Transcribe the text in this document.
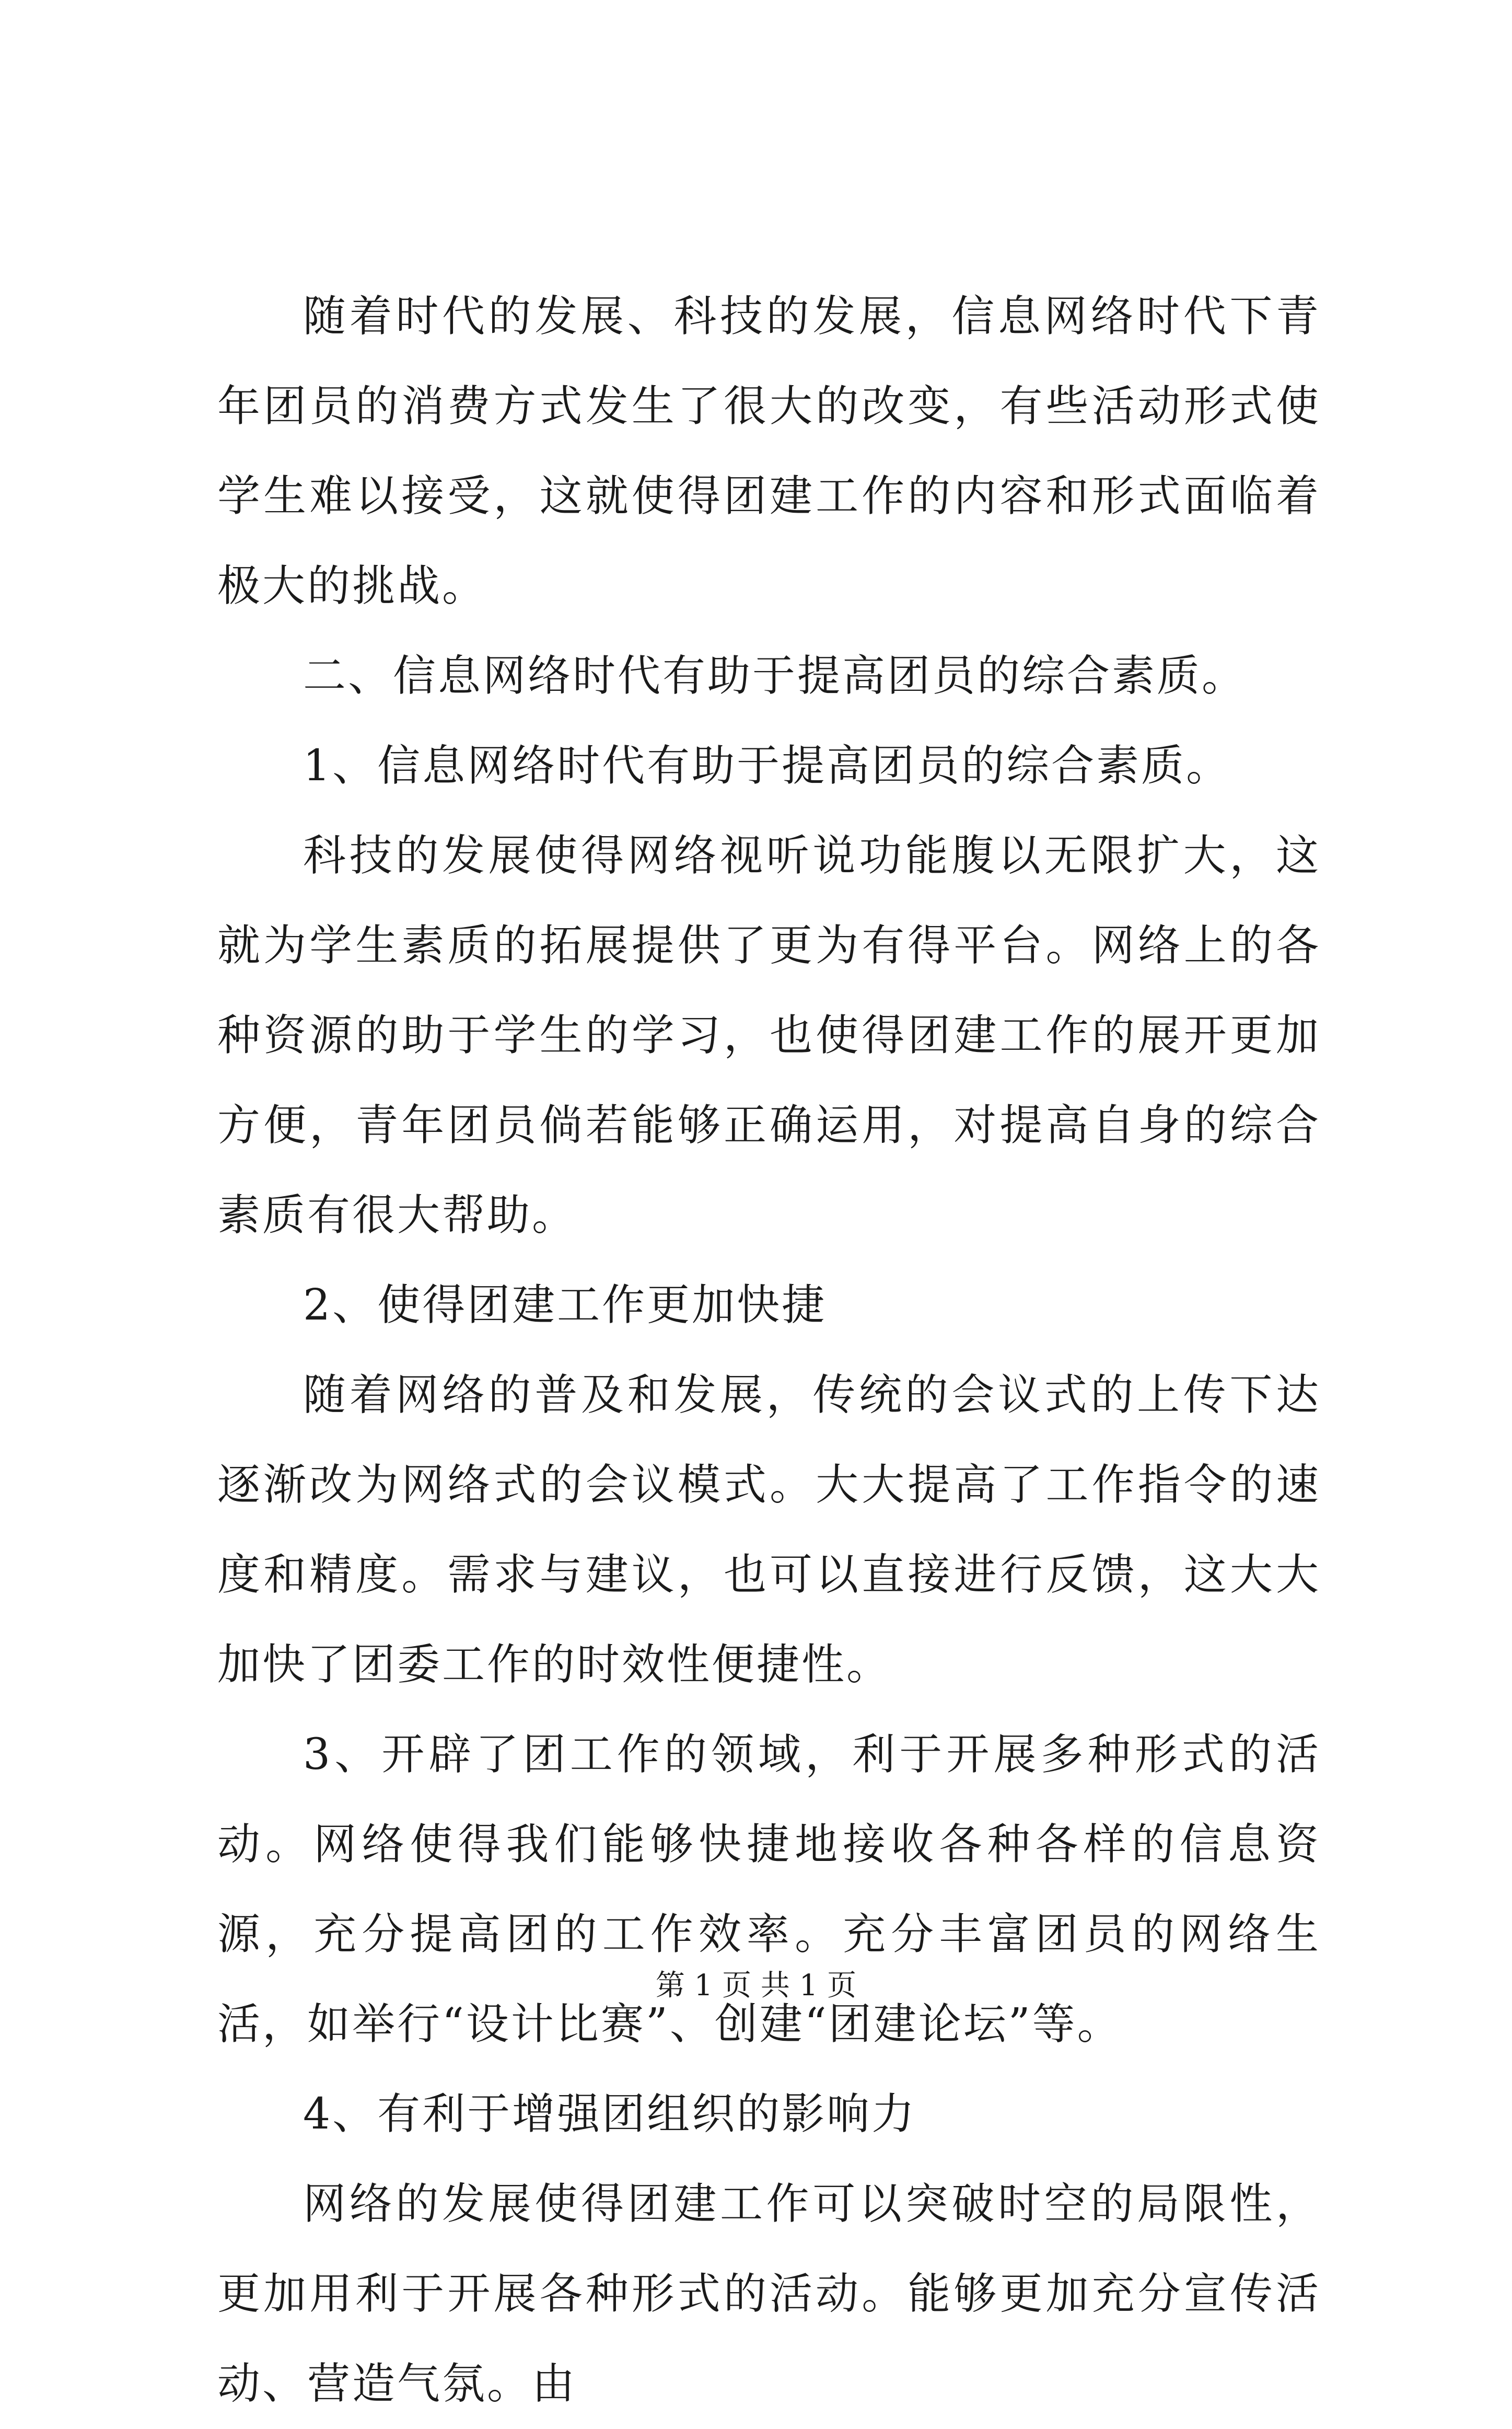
随着时代的发展、科技的发展，信息网络时代下青年团员的消费方式发生了很大的改变，有些活动形式使学生难以接受，这就使得团建工作的内容和形式面临着极大的挑战。

二、信息网络时代有助于提高团员的综合素质。

1、信息网络时代有助于提高团员的综合素质。

科技的发展使得网络视听说功能腹以无限扩大，这就为学生素质的拓展提供了更为有得平台。网络上的各种资源的助于学生的学习，也使得团建工作的展开更加方便，青年团员倘若能够正确运用，对提高自身的综合素质有很大帮助。

2、使得团建工作更加快捷

随着网络的普及和发展，传统的会议式的上传下达逐渐改为网络式的会议模式。大大提高了工作指令的速度和精度。需求与建议，也可以直接进行反馈，这大大加快了团委工作的时效性便捷性。

3、开辟了团工作的领域，利于开展多种形式的活动。网络使得我们能够快捷地接收各种各样的信息资源，充分提高团的工作效率。充分丰富团员的网络生活，如举行“设计比赛”、创建“团建论坛”等。

4、有利于增强团组织的影响力

网络的发展使得团建工作可以突破时空的局限性，更加用利于开展各种形式的活动。能够更加充分宣传活动、营造气氛。由

第 1 页 共 1 页
